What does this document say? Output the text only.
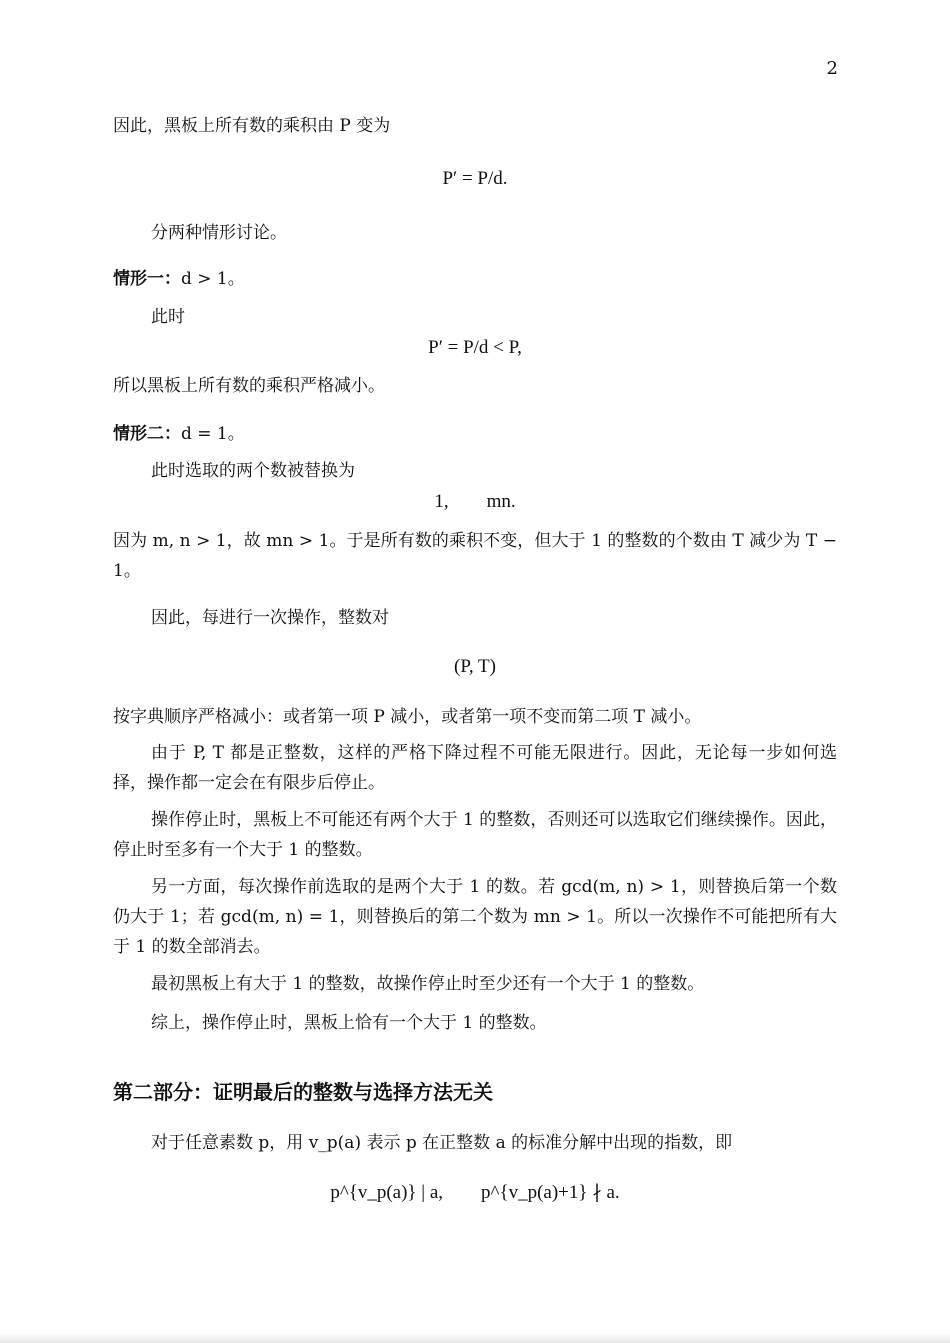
2
因此，黑板上所有数的乘积由 P 变为
P′ = P/d.
分两种情形讨论。
情形一：d > 1。
此时
P′ = P/d < P,
所以黑板上所有数的乘积严格减小。
情形二：d = 1。
此时选取的两个数被替换为
1,        mn.
因为 m, n > 1，故 mn > 1。于是所有数的乘积不变，但大于 1 的整数的个数由 T 减少为 T − 1。
因此，每进行一次操作，整数对
(P, T)
按字典顺序严格减小：或者第一项 P 减小，或者第一项不变而第二项 T 减小。
由于 P, T 都是正整数，这样的严格下降过程不可能无限进行。因此，无论每一步如何选择，操作都一定会在有限步后停止。
操作停止时，黑板上不可能还有两个大于 1 的整数，否则还可以选取它们继续操作。因此，停止时至多有一个大于 1 的整数。
另一方面，每次操作前选取的是两个大于 1 的数。若 gcd(m, n) > 1，则替换后第一个数仍大于 1；若 gcd(m, n) = 1，则替换后的第二个数为 mn > 1。所以一次操作不可能把所有大于 1 的数全部消去。
最初黑板上有大于 1 的整数，故操作停止时至少还有一个大于 1 的整数。
综上，操作停止时，黑板上恰有一个大于 1 的整数。
第二部分：证明最后的整数与选择方法无关
对于任意素数 p，用 v_p(a) 表示 p 在正整数 a 的标准分解中出现的指数，即
p^{v_p(a)} | a,        p^{v_p(a)+1} ∤ a.
